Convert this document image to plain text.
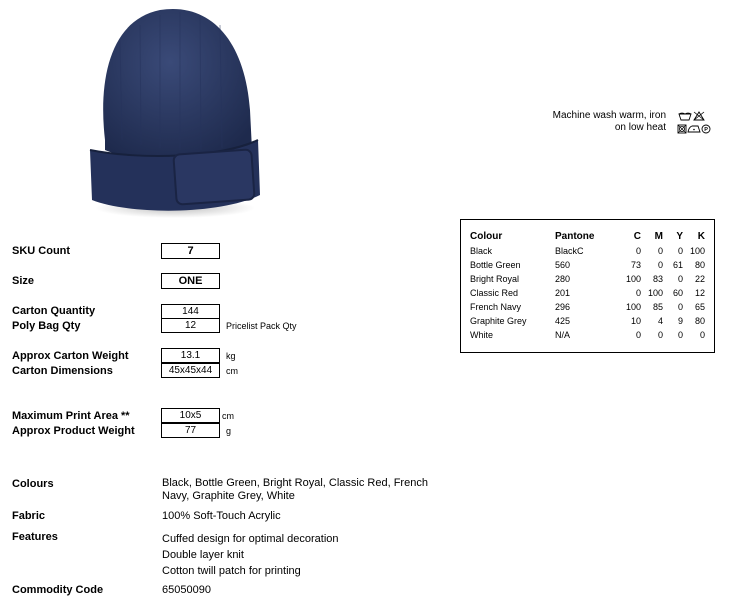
Machine wash warm, iron
on low heat	P
Colour	Pantone	C	M	Y	K
Black	BlackC	0	0	0	100
Bottle Green	560	73	0	61	80
Bright Royal	280	100	83	0	22
Classic Red	201	0	100	60	12
French Navy	296	100	85	0	65
Graphite Grey	425	10	4	9	80
White	N/A	0	0	0	0
SKU Count	7
Size	ONE
Carton Quantity	144
Poly Bag Qty	12	Pricelist Pack Qty
Approx Carton Weight	13.1	kg
Carton Dimensions	45x45x44	cm
Maximum Print Area **	10x5	cm
Approx Product Weight	77	g
Colours	Black, Bottle Green, Bright Royal, Classic Red, French
Navy, Graphite Grey, White
Fabric	100% Soft-Touch Acrylic
Features	Cuffed design for optimal decoration
Double layer knit
Cotton twill patch for printing
Commodity Code	65050090
